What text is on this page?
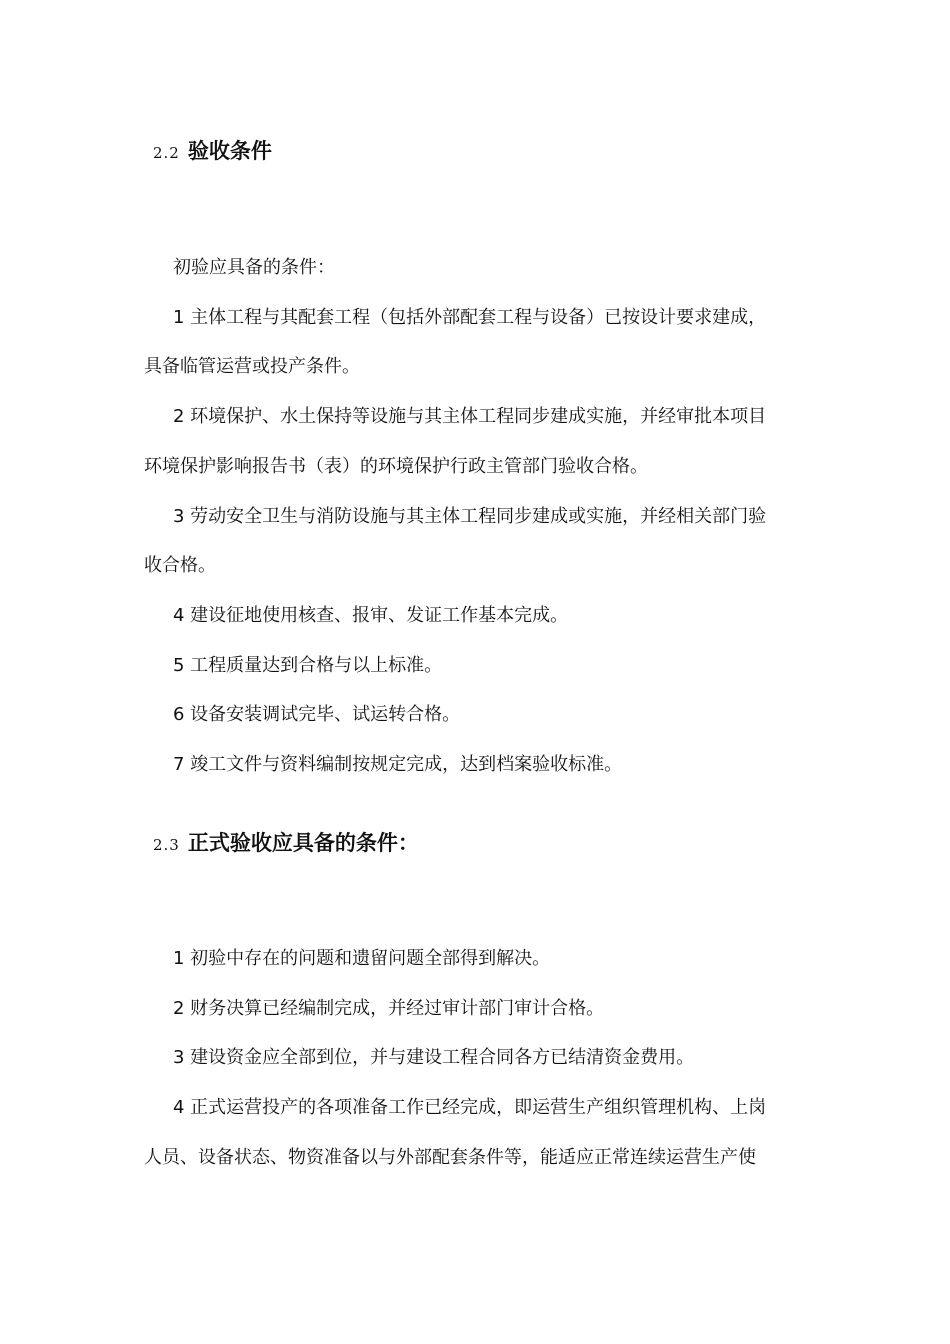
2.2 验收条件
初验应具备的条件：
1 主体工程与其配套工程（包括外部配套工程与设备）已按设计要求建成，
具备临管运营或投产条件。
2 环境保护、水土保持等设施与其主体工程同步建成实施，并经审批本项目
环境保护影响报告书（表）的环境保护行政主管部门验收合格。
3 劳动安全卫生与消防设施与其主体工程同步建成或实施，并经相关部门验
收合格。
4 建设征地使用核查、报审、发证工作基本完成。
5 工程质量达到合格与以上标准。
6 设备安装调试完毕、试运转合格。
7 竣工文件与资料编制按规定完成，达到档案验收标准。
2.3 正式验收应具备的条件：
1 初验中存在的问题和遗留问题全部得到解决。
2 财务决算已经编制完成，并经过审计部门审计合格。
3 建设资金应全部到位，并与建设工程合同各方已结清资金费用。
4 正式运营投产的各项准备工作已经完成，即运营生产组织管理机构、上岗
人员、设备状态、物资准备以与外部配套条件等，能适应正常连续运营生产使
